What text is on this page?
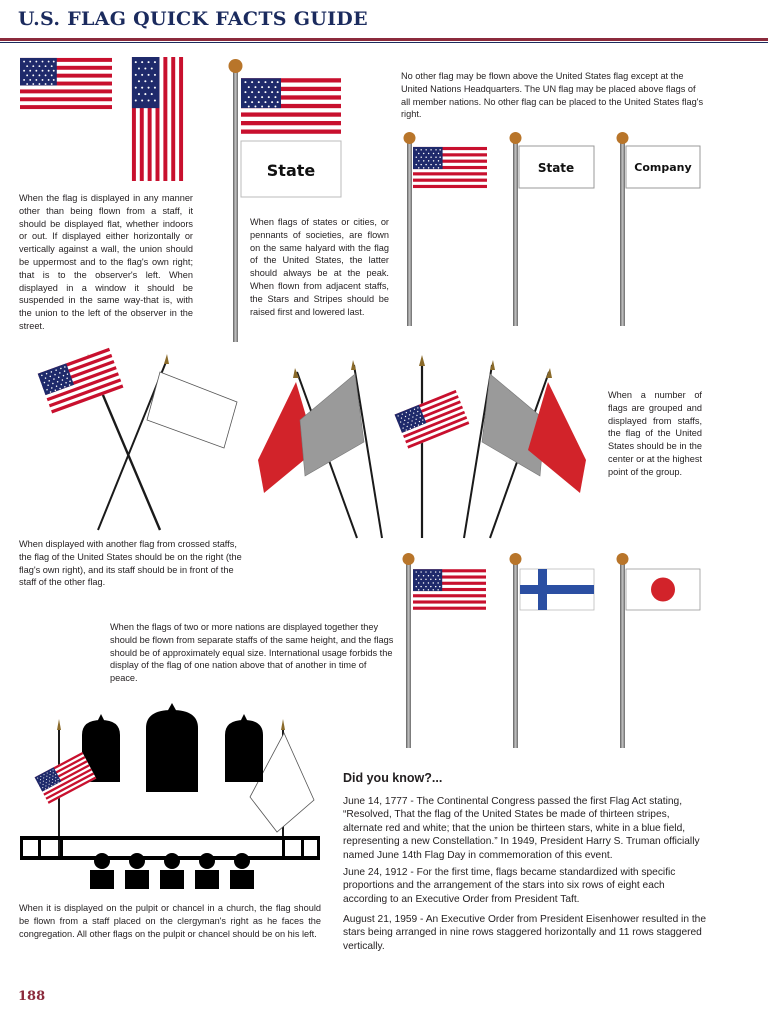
U.S. FLAG QUICK FACTS GUIDE
State	State	Company

When the flag is displayed in any manner other than being flown from a staff, it should be displayed flat, whether indoors or out. If displayed either horizontally or vertically against a wall, the union should be uppermost and to the flag's own right; that is to the observer's left. When displayed in a window it should be suspended in the same way-that is, with the union to the left of the observer in the street.

When flags of states or cities, or pennants of societies, are flown on the same halyard with the flag of the United States, the latter should always be at the peak. When flown from adjacent staffs, the Stars and Stripes should be raised first and lowered last.

No other flag may be flown above the United States flag except at the United Nations Headquarters. The UN flag may be placed above flags of all member nations. No other flag can be placed to the United States flag's right.

When displayed with another flag from crossed staffs, the flag of the United States should be on the right (the flag's own right), and its staff should be in front of the staff of the other flag.

When a number of flags are grouped and displayed from staffs, the flag of the United States should be in the center or at the highest point of the group.

When the flags of two or more nations are displayed together they should be flown from separate staffs of the same height, and the flags should be of approximately equal size. International usage forbids the display of the flag of one nation above that of another in time of peace.

When it is displayed on the pulpit or chancel in a church, the flag should be flown from a staff placed on the clergyman's right as he faces the congregation. All other flags on the pulpit or chancel should be on his left.

Did you know?...

June 14, 1777 - The Continental Congress passed the first Flag Act stating, “Resolved, That the flag of the United States be made of thirteen stripes, alternate red and white; that the union be thirteen stars, white in a blue field, representing a new Constellation.” In 1949, President Harry S. Truman officially named June 14th Flag Day in commemoration of this event.

June 24, 1912 - For the first time, flags became standardized with specific proportions and the arrangement of the stars into six rows of eight each according to an Executive Order from President Taft.

August 21, 1959 - An Executive Order from President Eisenhower resulted in the stars being arranged in nine rows staggered horizontally and 11 rows staggered vertically.

188
